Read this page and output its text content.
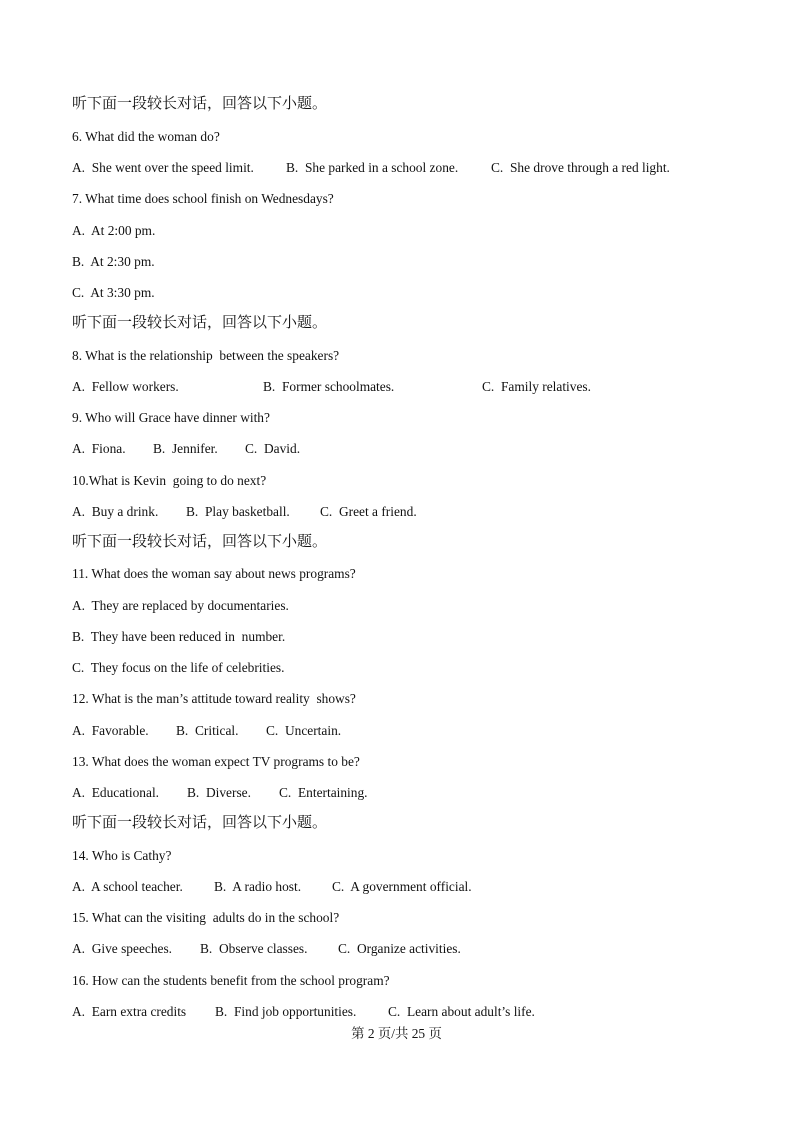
听下面一段较长对话，回答以下小题。
6. What did the woman do?
A.  She went over the speed limit. B.  She parked in a school zone. C.  She drove through a red light.
7. What time does school finish on Wednesdays?
A.  At 2:00 pm.
B.  At 2:30 pm.
C.  At 3:30 pm.
听下面一段较长对话，回答以下小题。
8. What is the relationship  between the speakers?
A.  Fellow workers.	B.  Former schoolmates.	C.  Family relatives.
9. Who will Grace have dinner with?
A.  Fiona. B.  Jennifer. C.  David.
10.What is Kevin  going to do next?
A.  Buy a drink. B.  Play basketball. C.  Greet a friend.
听下面一段较长对话，回答以下小题。
11. What does the woman say about news programs?
A.  They are replaced by documentaries.
B.  They have been reduced in  number.
C.  They focus on the life of celebrities.
12. What is the man’s attitude toward reality  shows?
A.  Favorable. B.  Critical. C.  Uncertain.
13. What does the woman expect TV programs to be?
A.  Educational. B.  Diverse. C.  Entertaining.
听下面一段较长对话，回答以下小题。
14. Who is Cathy?
A.  A school teacher. B.  A radio host. C.  A government official.
15. What can the visiting  adults do in the school?
A.  Give speeches. B.  Observe classes. C.  Organize activities.
16. How can the students benefit from the school program?
A.  Earn extra credits B.  Find job opportunities. C.  Learn about adult’s life.
第 2 页/共 25 页
